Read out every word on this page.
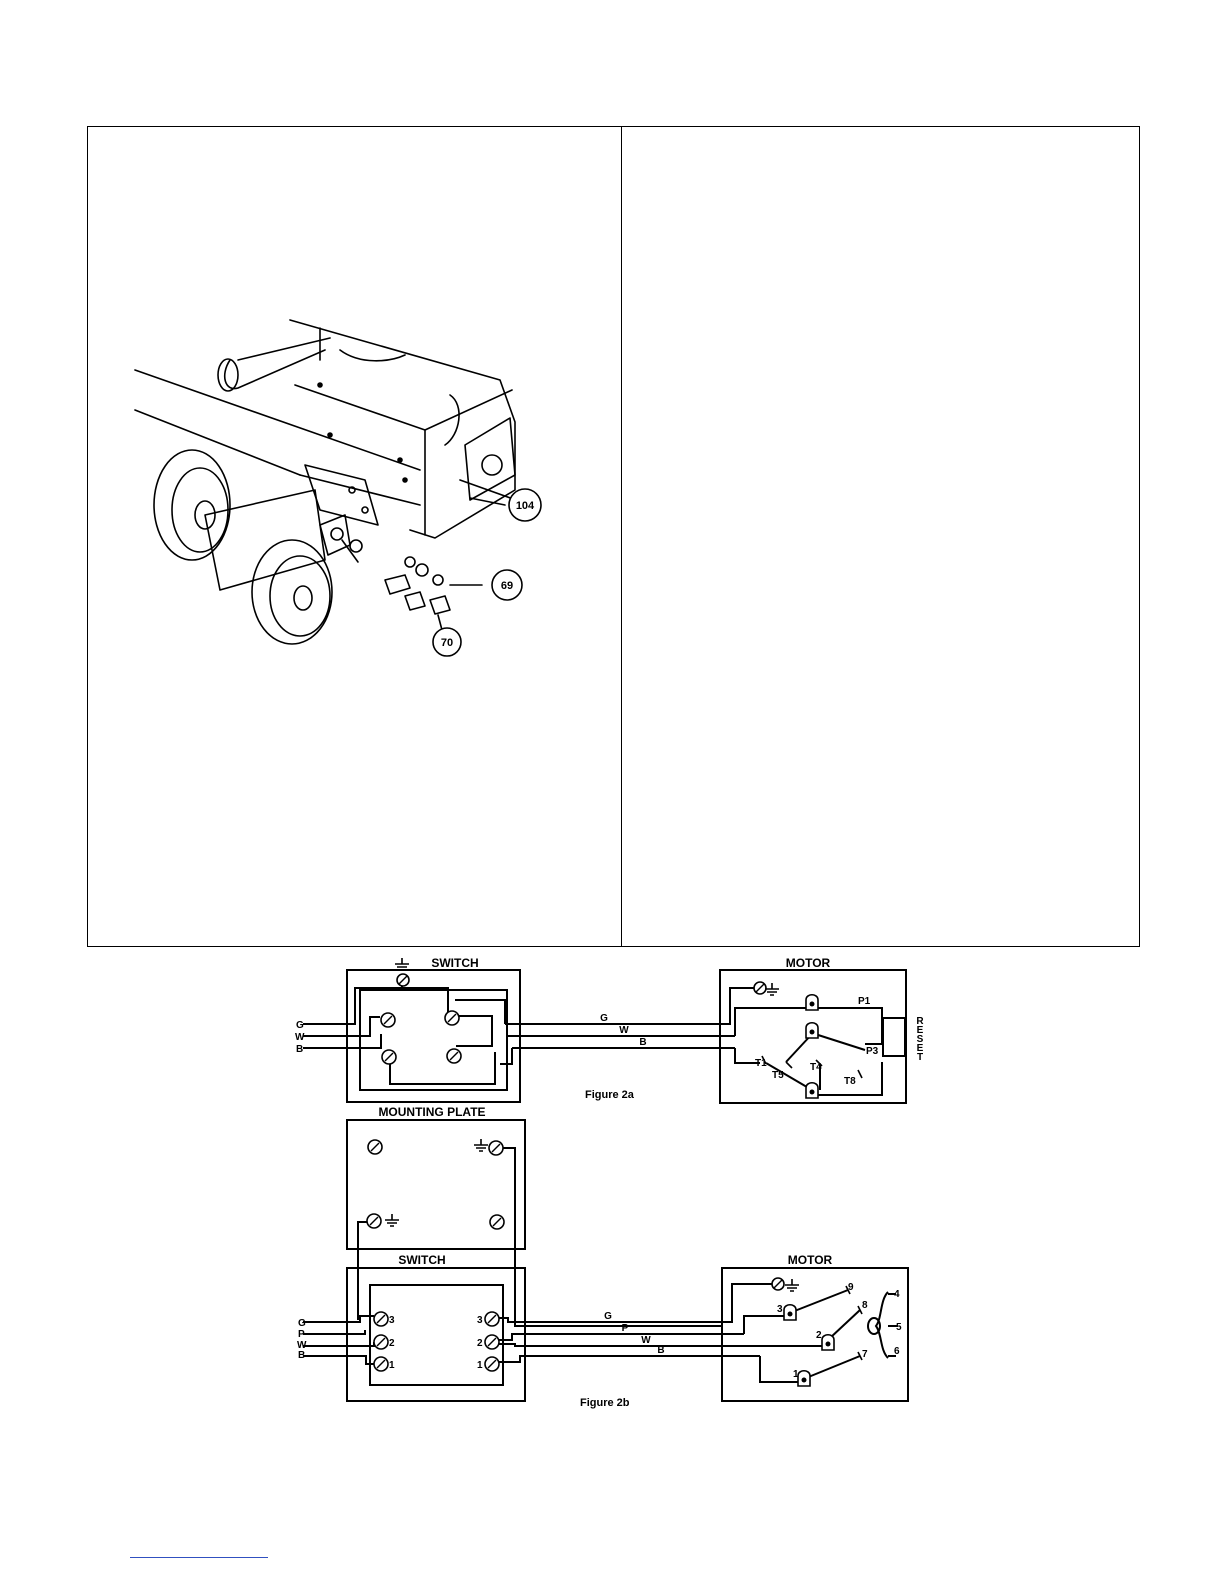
104
69
70
SWITCH	MOTOR
G
W
B
G
W
B
P1
P3
T1
T5
T4
T8
R E S E T
Figure 2a
MOUNTING PLATE
SWITCH	MOTOR
G
P
W
B
3
2
1
3
2
1
G
P
W
B
3
9
8
2
7
1
4
5
6
Figure 2b
